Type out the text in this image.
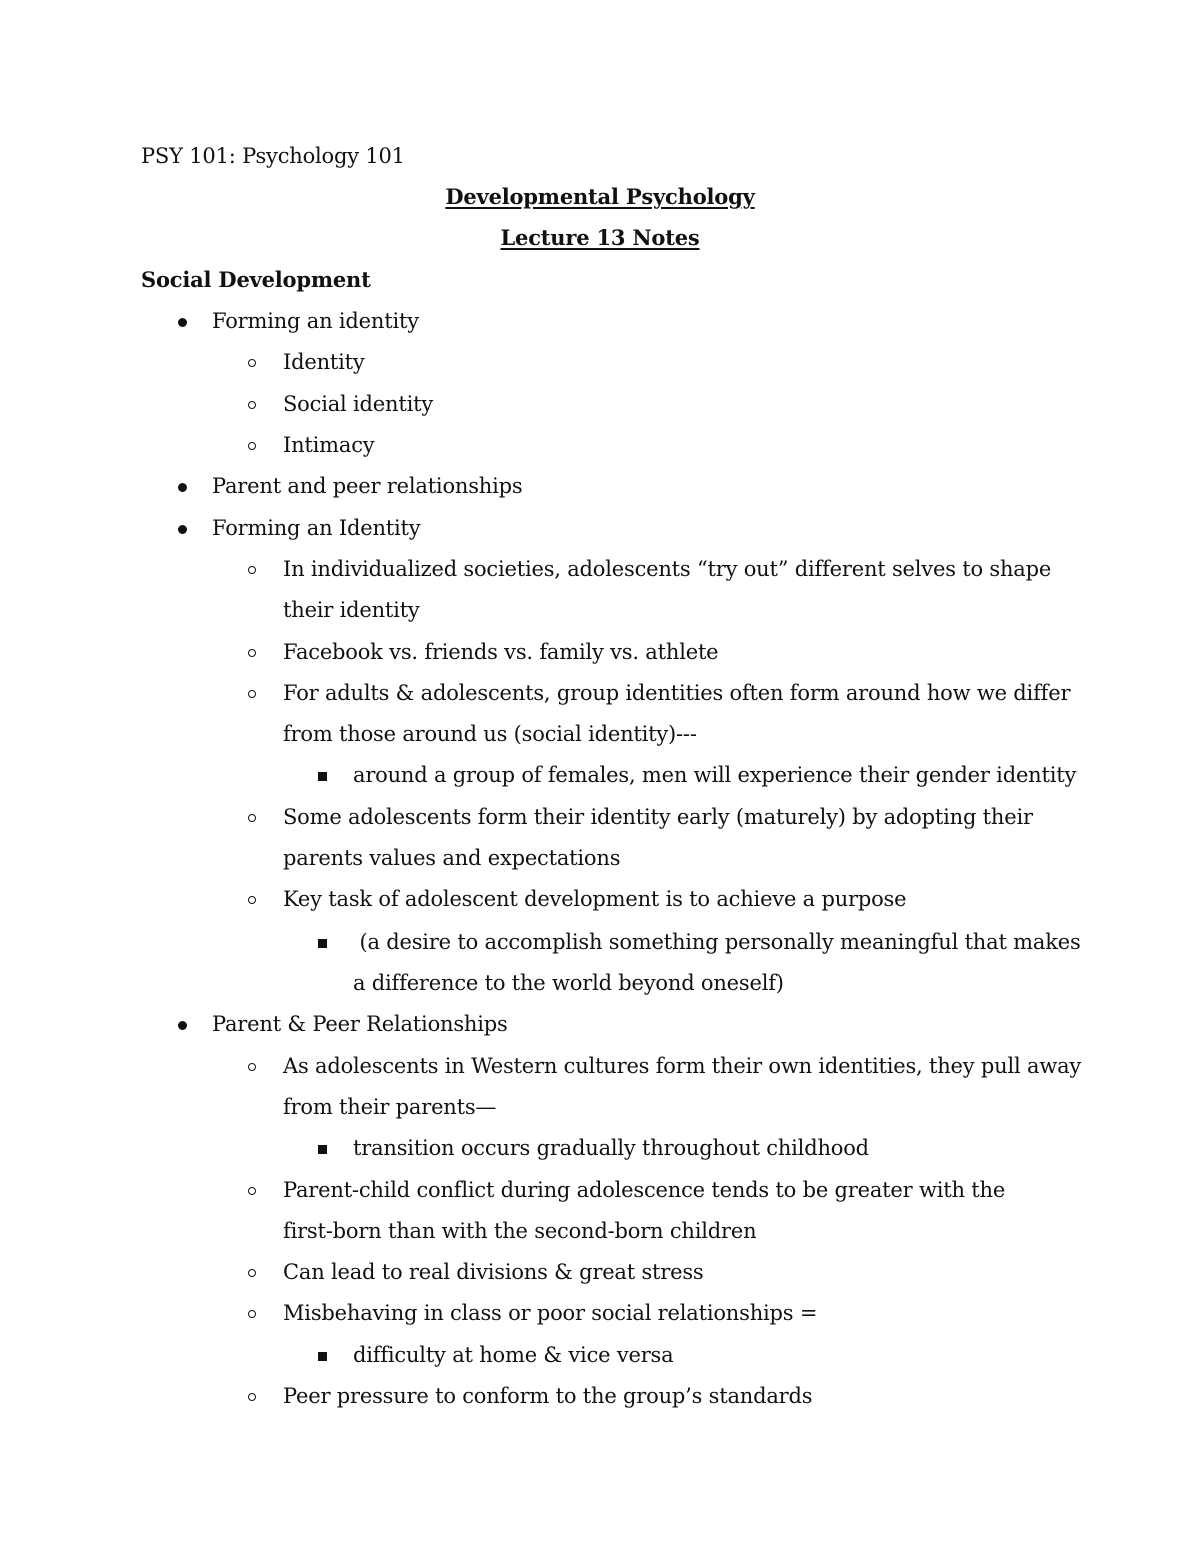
PSY 101: Psychology 101
Developmental Psychology
Lecture 13 Notes
Social Development
Forming an identity
Identity
Social identity
Intimacy
Parent and peer relationships
Forming an Identity
In individualized societies, adolescents “try out” different selves to shape
their identity
Facebook vs. friends vs. family vs. athlete
For adults & adolescents, group identities often form around how we differ
from those around us (social identity)---
around a group of females, men will experience their gender identity
Some adolescents form their identity early (maturely) by adopting their
parents values and expectations
Key task of adolescent development is to achieve a purpose
(a desire to accomplish something personally meaningful that makes
a difference to the world beyond oneself)
Parent & Peer Relationships
As adolescents in Western cultures form their own identities, they pull away
from their parents—
transition occurs gradually throughout childhood
Parent-child conflict during adolescence tends to be greater with the
first-born than with the second-born children
Can lead to real divisions & great stress
Misbehaving in class or poor social relationships =
difficulty at home & vice versa
Peer pressure to conform to the group’s standards
